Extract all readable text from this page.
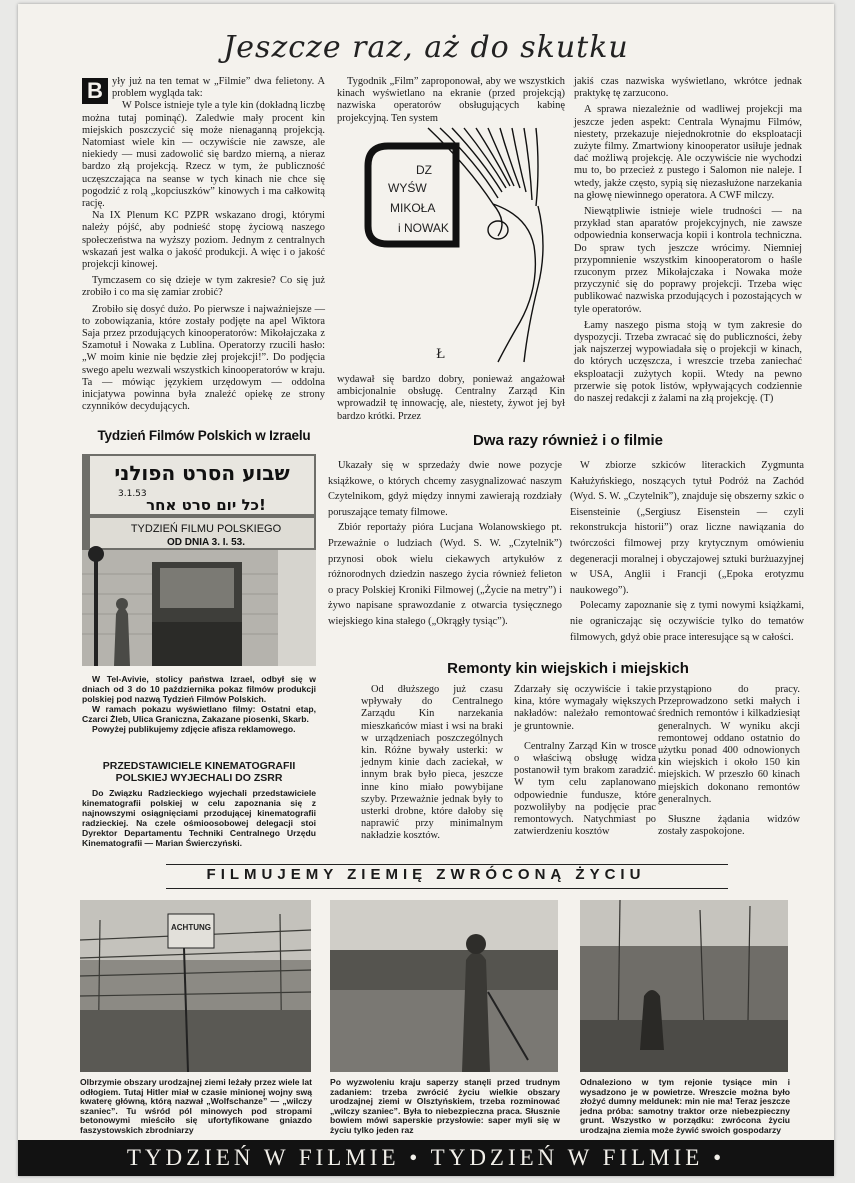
Jeszcze raz, aż do skutku

B yły już na ten temat w „Filmie” dwa felietony. A problem wygląda tak:

W Polsce istnieje tyle a tyle kin (dokładną liczbę można tutaj pominąć). Zaledwie mały procent kin miejskich poszczycić się może nienaganną projekcją. Natomiast wiele kin — oczywiście nie zawsze, ale niekiedy — musi zadowolić się bardzo mierną, a nieraz bardzo złą projekcją. Rzecz w tym, że publiczność uczęszczająca na seanse w tych kinach nie chce się pogodzić z rolą „kopciuszków” kinowych i ma całkowitą rację.

Na IX Plenum KC PZPR wskazano drogi, którymi należy pójść, aby podnieść stopę życiową naszego społeczeństwa na wyższy poziom. Jednym z centralnych wskazań jest walka o jakość produkcji. A więc i o jakość projekcji kinowej.

Tymczasem co się dzieje w tym zakresie? Co się już zrobiło i co ma się zamiar zrobić?

Zrobiło się dosyć dużo. Po pierwsze i najważniejsze — to zobowiązania, które zostały podjęte na apel Wiktora Saja przez przodujących kinooperatorów: Mikołajczaka z Szamotuł i Nowaka z Lublina. Operatorzy rzucili hasło: „W moim kinie nie będzie złej projekcji!”. Do podjęcia swego apelu wezwali wszystkich kinooperatorów w kraju. Ta — mówiąc językiem urzędowym — oddolna inicjatywa powinna była znaleźć opiekę ze strony czynników decydujących.

Tygodnik „Film” zaproponował, aby we wszystkich kinach wyświetlano na ekranie (przed projekcją) nazwiska operatorów obsługujących kabinę projekcyjną. Ten system

DZ
WYŚW
MIKOŁA
i NOWAK
Ł

wydawał się bardzo dobry, ponieważ angażował ambicjonalnie obsługę. Centralny Zarząd Kin wprowadził tę innowację, ale, niestety, żywot jej był bardzo krótki. Przez

jakiś czas nazwiska wyświetlano, wkrótce jednak praktykę tę zarzucono.

A sprawa niezależnie od wadliwej projekcji ma jeszcze jeden aspekt: Centrala Wynajmu Filmów, niestety, przekazuje niejednokrotnie do eksploatacji zużyte filmy. Zmartwiony kinooperator usiłuje jednak dać możliwą projekcję. Ale oczywiście nie wychodzi mu to, bo przecież z pustego i Salomon nie naleje. I wtedy, jakże często, sypią się niezasłużone narzekania na głowę niewinnego operatora. A CWF milczy.

Niewątpliwie istnieje wiele trudności — na przykład stan aparatów projekcyjnych, nie zawsze odpowiednia konserwacja kopii i kontrola techniczna. Do spraw tych jeszcze wrócimy. Niemniej przypomnienie wszystkim kinooperatorom o haśle rzuconym przez Mikołajczaka i Nowaka może przyczynić się do poprawy projekcji. Trzeba więc publikować nazwiska przodujących i pozostających w tyle operatorów.

Łamy naszego pisma stoją w tym zakresie do dyspozycji. Trzeba zwracać się do publiczności, żeby jak najszerzej wypowiadała się o projekcji w kinach, do których uczęszcza, i wreszcie trzeba zaniechać eksploatacji zużytych kopii. Wtedy na pewno przerwie się potok listów, wpływających codziennie do naszej redakcji z żalami na złą projekcję. (T)

Tydzień Filmów Polskich w Izraelu
שבוע הסרט הפולני
3.1.53
כל יום סרט אחר!
TYDZIEŃ FILMU POLSKIEGO
OD DNIA 3. I. 53.

W Tel-Avivie, stolicy państwa Izrael, odbył się w dniach od 3 do 10 października pokaz filmów produkcji polskiej pod nazwą Tydzień Filmów Polskich.

W ramach pokazu wyświetlano filmy: Ostatni etap, Czarci Żleb, Ulica Graniczna, Zakazane piosenki, Skarb.

Powyżej publikujemy zdjęcie afisza reklamowego.

PRZEDSTAWICIELE KINEMATOGRAFII POLSKIEJ WYJECHALI DO ZSRR

Do Związku Radzieckiego wyjechali przedstawiciele kinematografii polskiej w celu zapoznania się z najnowszymi osiągnięciami przodującej kinematografii radzieckiej. Na czele ośmioosobowej delegacji stoi Dyrektor Departamentu Techniki Centralnego Urzędu Kinematografii — Marian Świerczyński.

Dwa razy również i o filmie

Ukazały się w sprzedaży dwie nowe pozycje książkowe, o których chcemy zasygnalizować naszym Czytelnikom, gdyż między innymi zawierają rozdziały poruszające tematy filmowe.

Zbiór reportaży pióra Lucjana Wolanowskiego pt. Przeważnie o ludziach (Wyd. S. W. „Czytelnik”) przynosi obok wielu ciekawych artykułów z różnorodnych dziedzin naszego życia również felieton o pracy Polskiej Kroniki Filmowej („Życie na metry”) i żywo napisane sprawozdanie z otwarcia tysięcznego wiejskiego kina stałego („Okrągły tysiąc”).

W zbiorze szkiców literackich Zygmunta Kałużyńskiego, noszących tytuł Podróż na Zachód (Wyd. S. W. „Czytelnik”), znajduje się obszerny szkic o Eisensteinie („Sergiusz Eisenstein — czyli rekonstrukcja historii”) oraz liczne nawiązania do twórczości filmowej przy krytycznym omówieniu degeneracji moralnej i obyczajowej sztuki burżuazyjnej w USA, Anglii i Francji („Epoka erotyzmu naukowego”).

Polecamy zapoznanie się z tymi nowymi książkami, nie ograniczając się oczywiście tylko do tematów filmowych, gdyż obie prace interesujące są w całości.

Remonty kin wiejskich i miejskich

Od dłuższego już czasu wpływały do Centralnego Zarządu Kin narzekania mieszkańców miast i wsi na braki w urządzeniach poszczególnych kin. Różne bywały usterki: w jednym kinie dach zaciekał, w innym brak było pieca, jeszcze inne kino miało powybijane szyby. Przeważnie jednak były to usterki drobne, które dałoby się naprawić przy minimalnym nakładzie kosztów.

Zdarzały się oczywiście i takie kina, które wymagały większych nakładów: należało remontować je gruntownie.

Centralny Zarząd Kin w trosce o właściwą obsługę widza postanowił tym brakom zaradzić. W tym celu zaplanowano odpowiednie fundusze, które pozwoliłyby na podjęcie prac remontowych. Natychmiast po zatwierdzeniu kosztów

przystąpiono do pracy. Przeprowadzono setki małych i średnich remontów i kilkadziesiąt generalnych. W wyniku akcji remontowej oddano ostatnio do użytku ponad 400 odnowionych kin wiejskich i około 150 kin miejskich. W przeszło 60 kinach miejskich dokonano remontów generalnych.

Słuszne żądania widzów zostały zaspokojone.

FILMUJEMY ZIEMIĘ ZWRÓCONĄ ŻYCIU
ACHTUNG

Olbrzymie obszary urodzajnej ziemi leżały przez wiele lat odłogiem. Tutaj Hitler miał w czasie minionej wojny swą kwaterę główną, którą nazwał „Wolfschanze” — „wilczy szaniec”. Tu wśród pól minowych pod stropami betonowymi mieściło się ufortyfikowane gniazdo faszystowskich zbrodniarzy

Po wyzwoleniu kraju saperzy stanęli przed trudnym zadaniem: trzeba zwrócić życiu wielkie obszary urodzajnej ziemi w Olsztyńskiem, trzeba rozminować „wilczy szaniec”. Była to niebezpieczna praca. Słusznie bowiem mówi saperskie przysłowie: saper myli się w życiu tylko jeden raz

Odnaleziono w tym rejonie tysiące min i wysadzono je w powietrze. Wreszcie można było złożyć dumny meldunek: min nie ma! Teraz jeszcze jedna próba: samotny traktor orze niebezpieczny grunt. Wszystko w porządku: zwrócona życiu urodzajna ziemia może żywić swoich gospodarzy

TYDZIEŃ W FILMIE • TYDZIEŃ W FILMIE •
